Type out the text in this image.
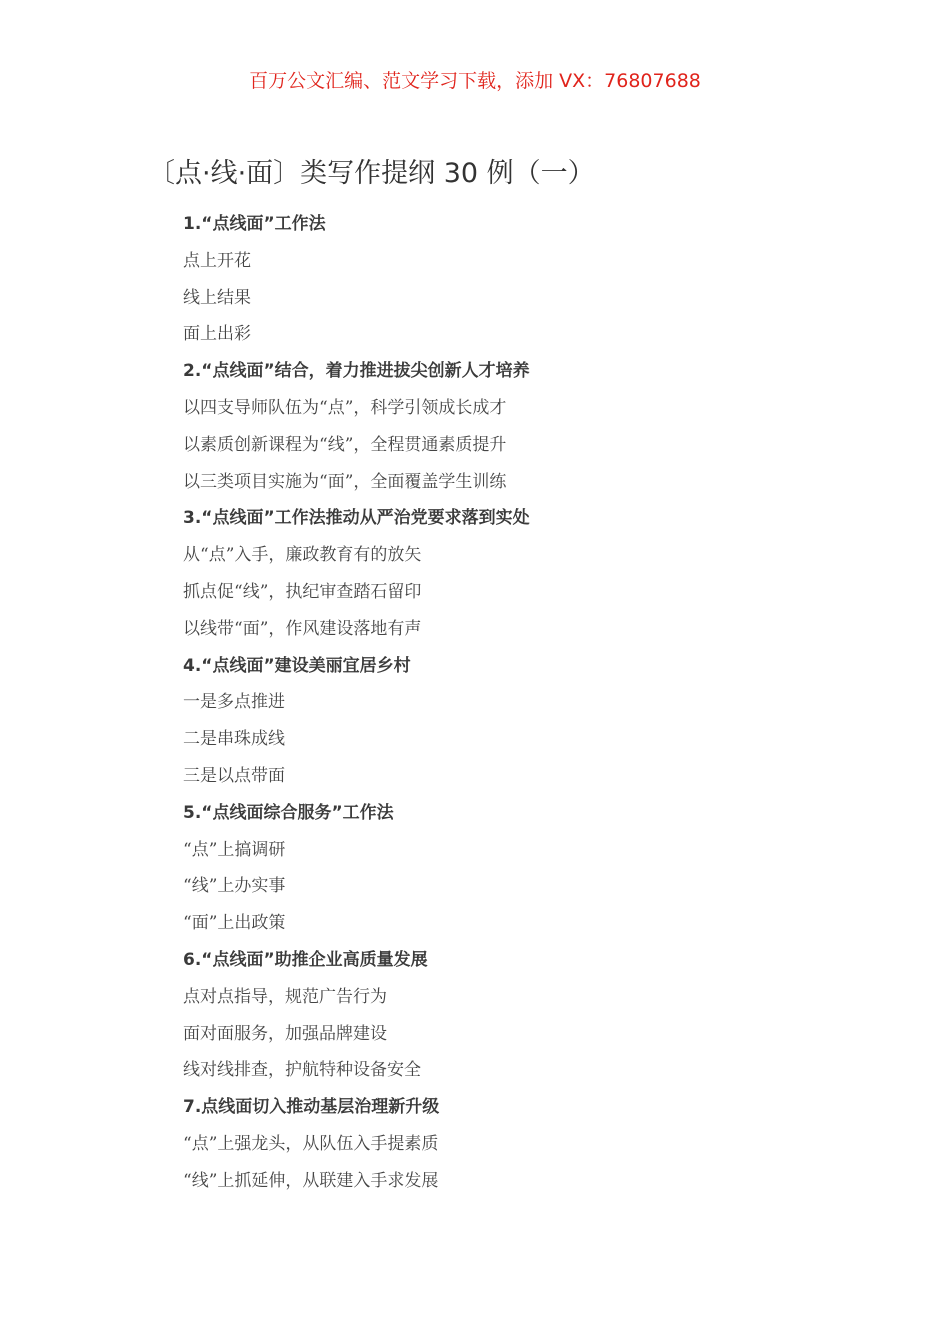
百万公文汇编、范文学习下载，添加 VX：76807688
〔点·线·面〕类写作提纲 30 例（一）
1.“点线面”工作法
点上开花
线上结果
面上出彩
2.“点线面”结合，着力推进拔尖创新人才培养
以四支导师队伍为“点”，科学引领成长成才
以素质创新课程为“线”，全程贯通素质提升
以三类项目实施为“面”，全面覆盖学生训练
3.“点线面”工作法推动从严治党要求落到实处
从“点”入手，廉政教育有的放矢
抓点促“线”，执纪审查踏石留印
以线带“面”，作风建设落地有声
4.“点线面”建设美丽宜居乡村
一是多点推进
二是串珠成线
三是以点带面
5.“点线面综合服务”工作法
“点”上搞调研
“线”上办实事
“面”上出政策
6.“点线面”助推企业高质量发展
点对点指导，规范广告行为
面对面服务，加强品牌建设
线对线排查，护航特种设备安全
7.点线面切入推动基层治理新升级
“点”上强龙头，从队伍入手提素质
“线”上抓延伸，从联建入手求发展
